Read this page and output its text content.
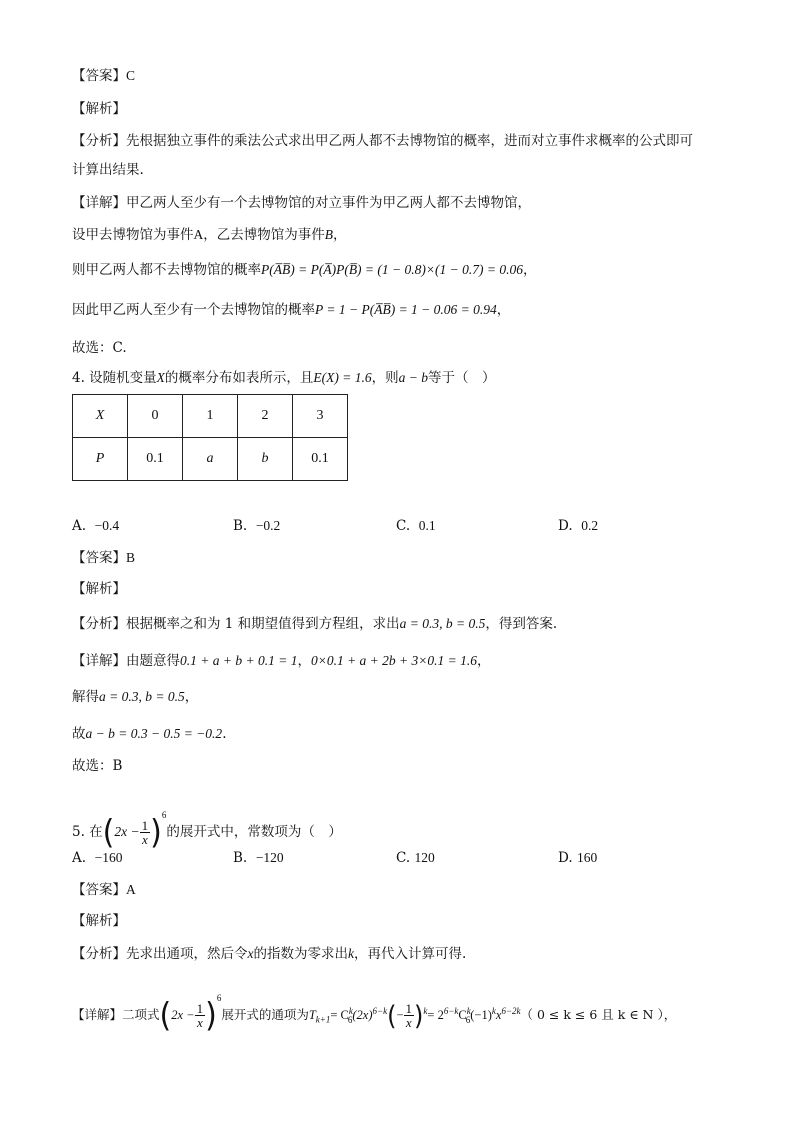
【答案】C
【解析】
【分析】先根据独立事件的乘法公式求出甲乙两人都不去博物馆的概率，进而对立事件求概率的公式即可
计算出结果.
【详解】甲乙两人至少有一个去博物馆的对立事件为甲乙两人都不去博物馆，
设甲去博物馆为事件A，乙去博物馆为事件B，
则甲乙两人都不去博物馆的概率P(A̅B̅) = P(A̅)P(B̅) = (1 − 0.8)×(1 − 0.7) = 0.06，
因此甲乙两人至少有一个去博物馆的概率P = 1 − P(A̅B̅) = 1 − 0.06 = 0.94，
故选：C.
4. 设随机变量X的概率分布如表所示，且E(X) = 1.6，则a − b等于（　）
X	0	1	2	3
P	0.1	a	b	0.1
A. −0.4	B. −0.2	C. 0.1	D. 0.2
【答案】B
【解析】
【分析】根据概率之和为 1 和期望值得到方程组，求出a = 0.3, b = 0.5，得到答案.
【详解】由题意得0.1 + a + b + 0.1 = 1，0×0.1 + a + 2b + 3×0.1 = 1.6，
解得a = 0.3, b = 0.5，
故a − b = 0.3 − 0.5 = −0.2.
故选：B
5. 在$(2x - \frac{1}{x} )^6$的展开式中，常数项为（　）
A. −160	B. −120	C. 120	D. 160
【答案】A
【解析】
【分析】先求出通项，然后令x的指数为零求出k，再代入计算可得.
【详解】二项式$(2x - \frac{1}{x} )^6$展开式的通项为$T_{k+1}= C^k_6(2x)^{6-k}(- \frac{1}{x} )^k= 2^{6-k}C^k_6(-1)^kx^{6-2k}$（ 0 ≤ k ≤ 6 且 k ∈ N ），
